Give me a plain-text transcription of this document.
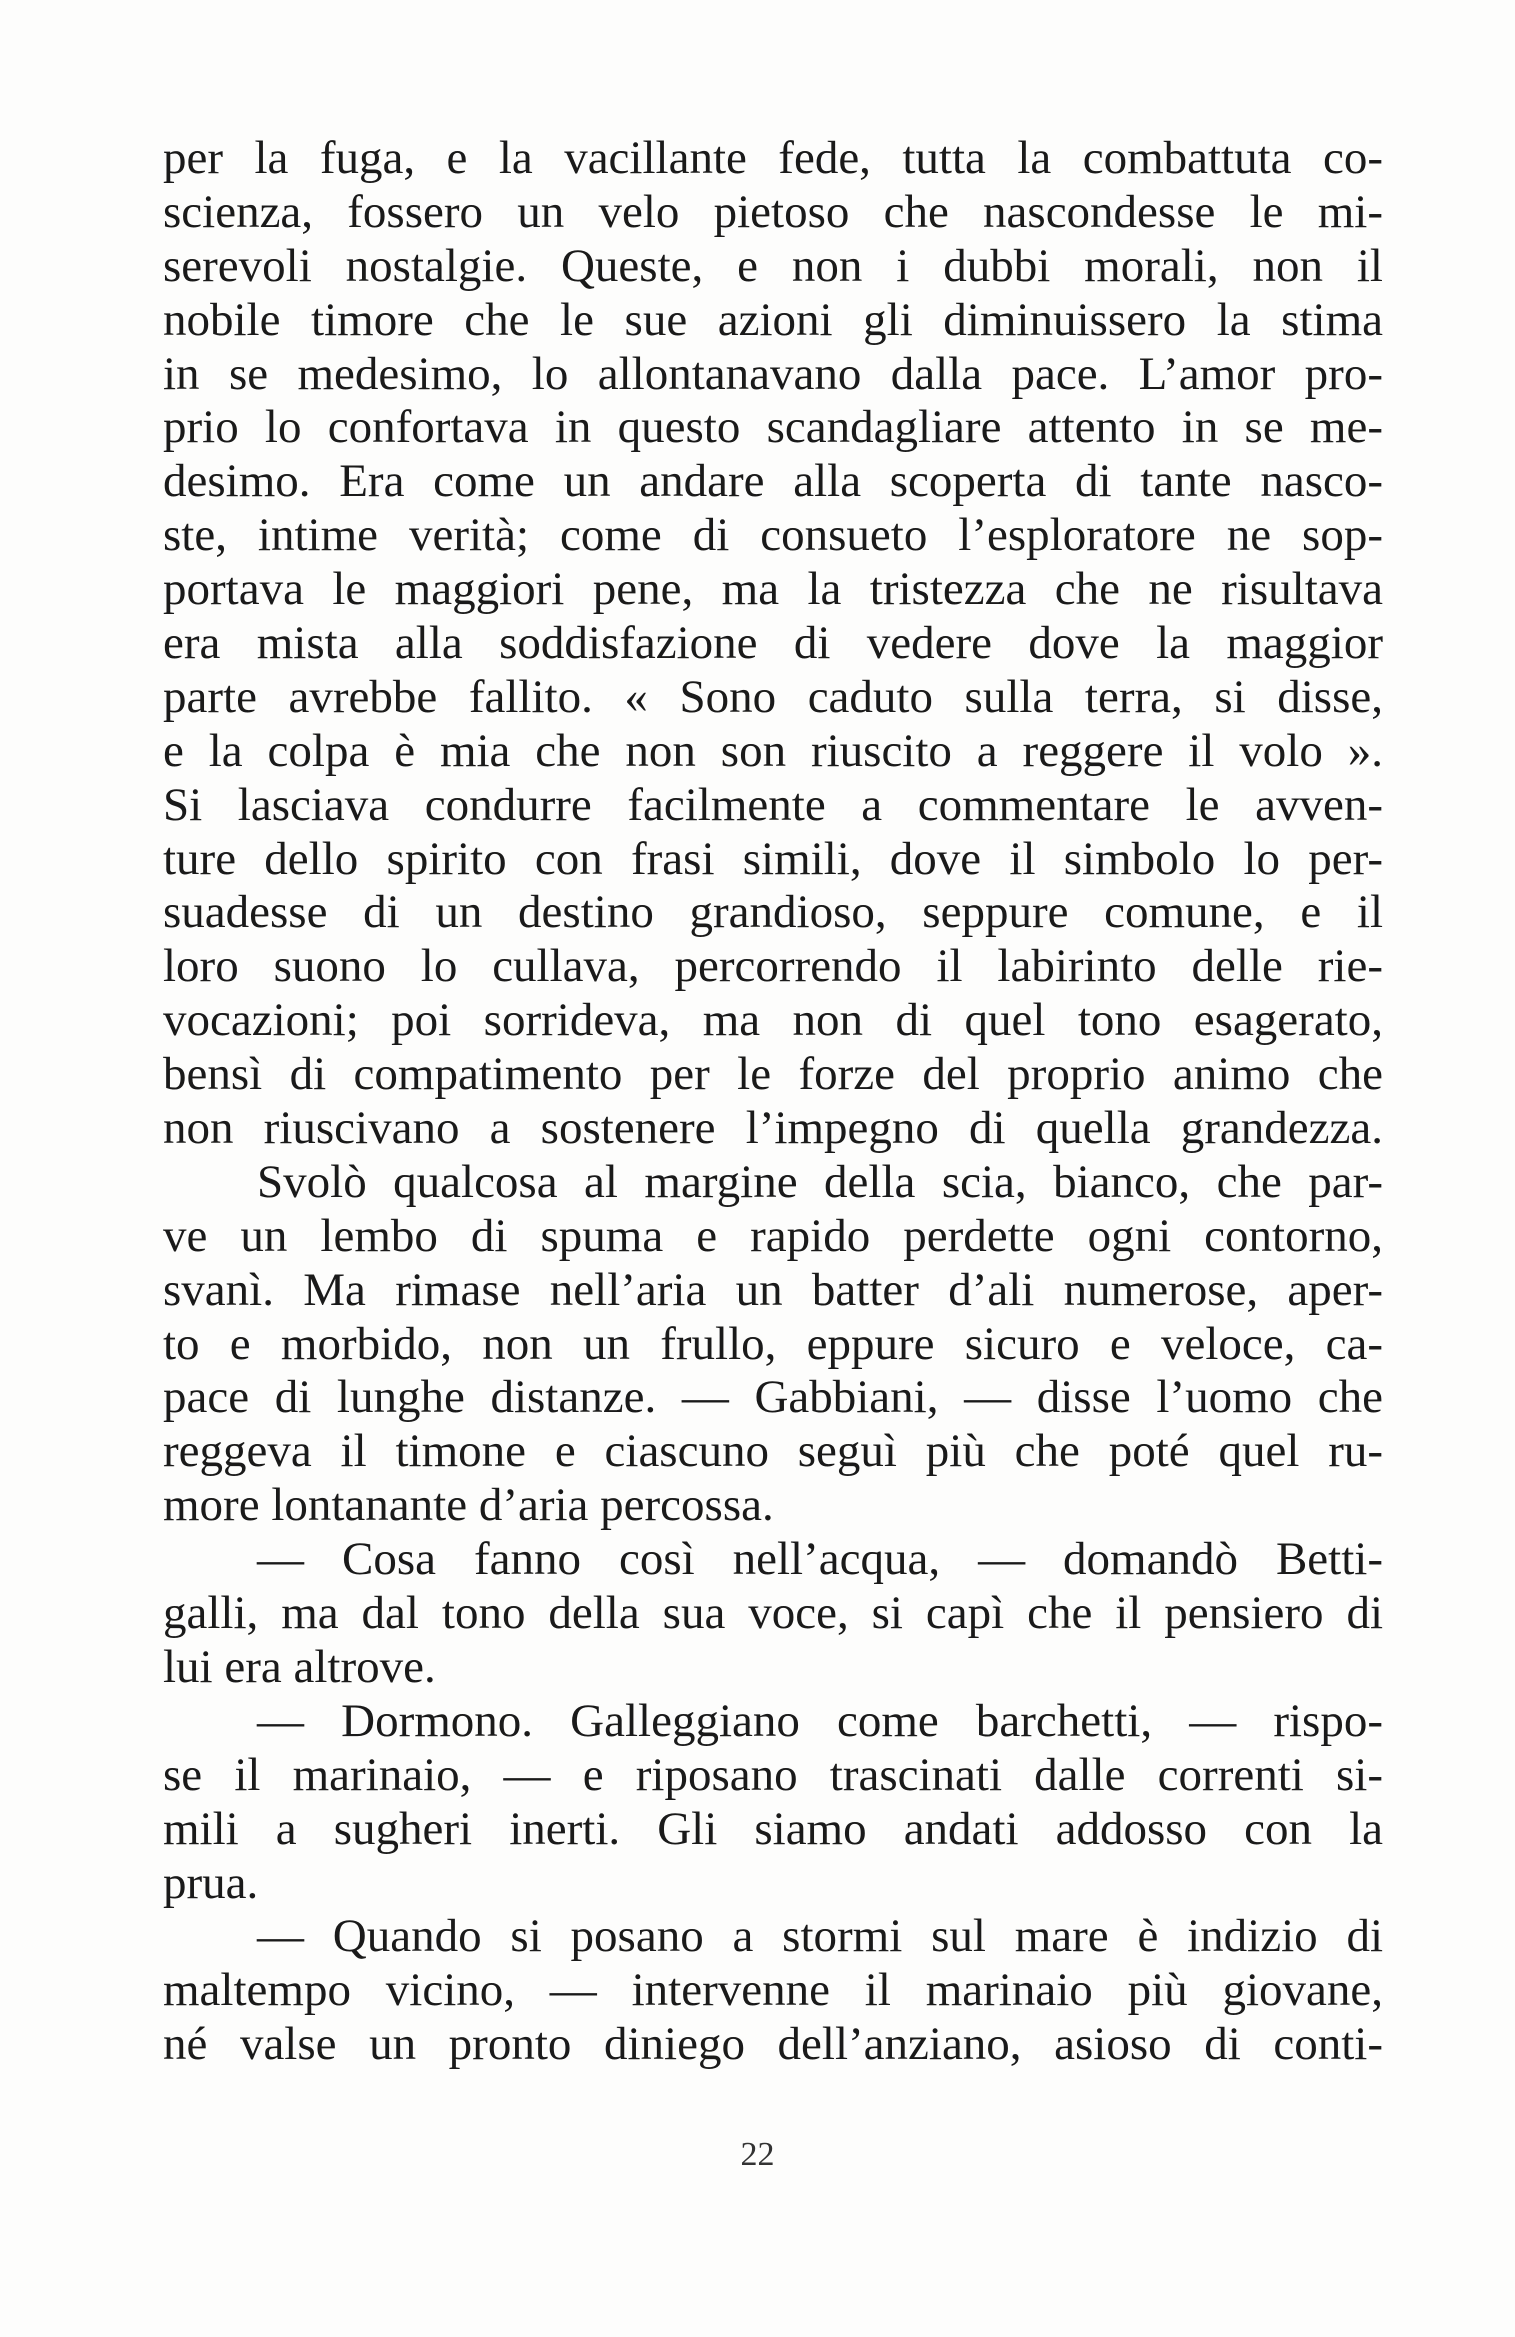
per la fuga, e la vacillante fede, tutta la combattuta co-
scienza, fossero un velo pietoso che nascondesse le mi-
serevoli nostalgie. Queste, e non i dubbi morali, non il
nobile timore che le sue azioni gli diminuissero la stima
in se medesimo, lo allontanavano dalla pace. L’amor pro-
prio lo confortava in questo scandagliare attento in se me-
desimo. Era come un andare alla scoperta di tante nasco-
ste, intime verità; come di consueto l’esploratore ne sop-
portava le maggiori pene, ma la tristezza che ne risultava
era mista alla soddisfazione di vedere dove la maggior
parte avrebbe fallito. « Sono caduto sulla terra, si disse,
e la colpa è mia che non son riuscito a reggere il volo ».
Si lasciava condurre facilmente a commentare le avven-
ture dello spirito con frasi simili, dove il simbolo lo per-
suadesse di un destino grandioso, seppure comune, e il
loro suono lo cullava, percorrendo il labirinto delle rie-
vocazioni; poi sorrideva, ma non di quel tono esagerato,
bensì di compatimento per le forze del proprio animo che
non riuscivano a sostenere l’impegno di quella grandezza.
Svolò qualcosa al margine della scia, bianco, che par-
ve un lembo di spuma e rapido perdette ogni contorno,
svanì. Ma rimase nell’aria un batter d’ali numerose, aper-
to e morbido, non un frullo, eppure sicuro e veloce, ca-
pace di lunghe distanze. — Gabbiani, — disse l’uomo che
reggeva il timone e ciascuno seguì più che poté quel ru-
more lontanante d’aria percossa.
— Cosa fanno così nell’acqua, — domandò Betti-
galli, ma dal tono della sua voce, si capì che il pensiero di
lui era altrove.
— Dormono. Galleggiano come barchetti, — rispo-
se il marinaio, — e riposano trascinati dalle correnti si-
mili a sugheri inerti. Gli siamo andati addosso con la
prua.
— Quando si posano a stormi sul mare è indizio di
maltempo vicino, — intervenne il marinaio più giovane,
né valse un pronto diniego dell’anziano, asioso di conti-
22
